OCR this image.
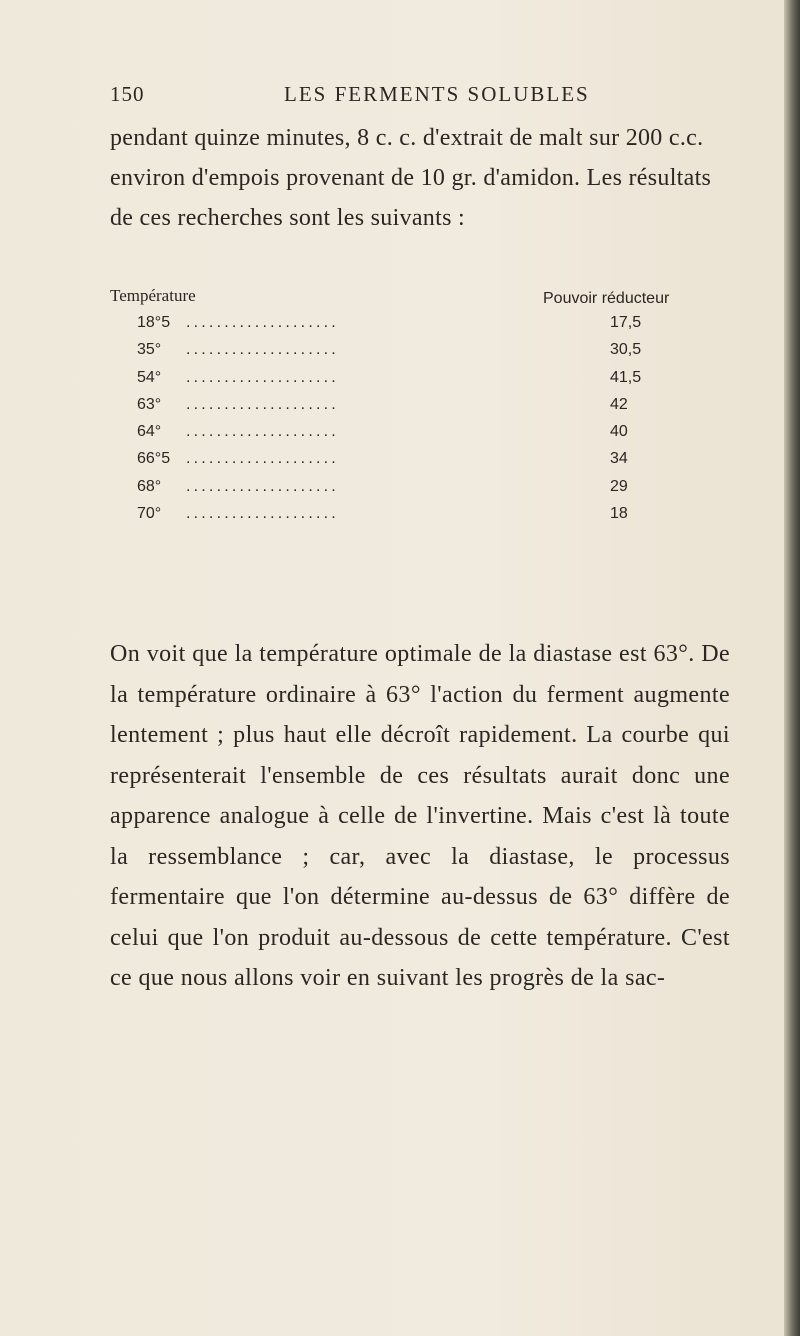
150	LES FERMENTS SOLUBLES

pendant quinze minutes, 8 c. c. d'extrait de malt sur 200 c.c. environ d'empois provenant de 10 gr. d'amidon. Les résultats de ces recherches sont les suivants :

Température	Pouvoir réducteur
18°5 ....................	17,5
35° ....................	30,5
54° ....................	41,5
63° ....................	42
64° ....................	40
66°5 ....................	34
68° ....................	29
70° ....................	18

On voit que la température optimale de la diastase est 63°. De la température ordinaire à 63° l'action du ferment augmente lentement ; plus haut elle décroît rapidement. La courbe qui représenterait l'ensemble de ces résultats aurait donc une apparence analogue à celle de l'invertine. Mais c'est là toute la ressemblance ; car, avec la diastase, le processus fermentaire que l'on détermine au-dessus de 63° diffère de celui que l'on produit au-dessous de cette température. C'est ce que nous allons voir en suivant les progrès de la sac-
